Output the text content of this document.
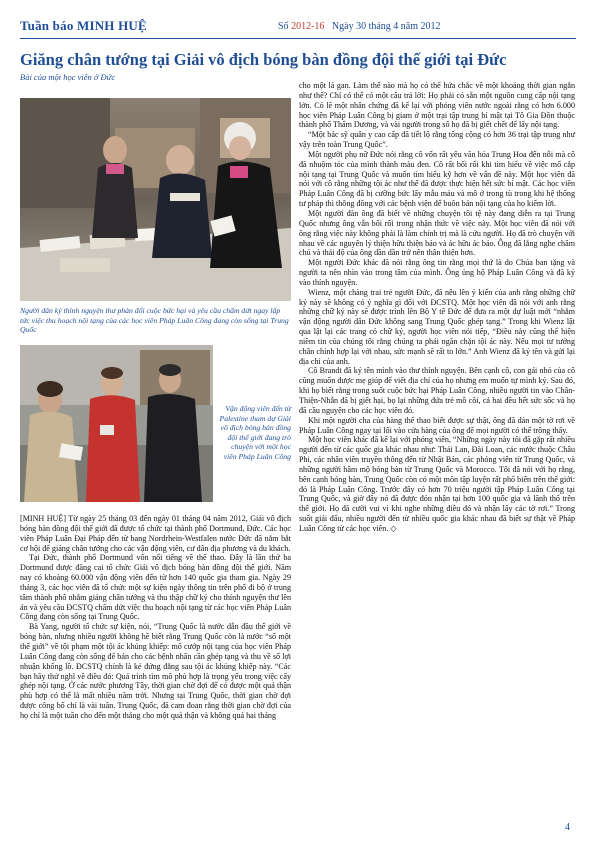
Tuần báo MINH HUỆ	Số 2012-16 Ngày 30 tháng 4 năm 2012
Giăng chân tướng tại Giải vô địch bóng bàn đồng đội thế giới tại Đức
Bài của một học viên ở Đức
Người dân ký thỉnh nguyện thư phản đối cuộc bức hại và yêu cầu chấm dứt ngay lập tức việc thu hoạch nội tạng của các học viên Pháp Luân Công đang còn sống tại Trung Quốc
Vận động viên đến từ Palestine tham dự Giải vô địch bóng bàn đồng đội thế giới đang trò chuyện với một học viên Pháp Luân Công

[MINH HUỆ] Từ ngày 25 tháng 03 đến ngày 01 tháng 04 năm 2012, Giải vô địch bóng bàn đồng đội thế giới đã được tổ chức tại thành phố Dortmund, Đức. Các học viên Pháp Luân Đại Pháp đến từ bang Nordrhein-Westfalen nước Đức đã nắm bắt cơ hội để giảng chân tướng cho các vận động viên, cư dân địa phương và du khách.

Tại Đức, thành phố Dortmund vốn nổi tiếng về thể thao. Đây là lần thứ ba Dortmund được đăng cai tổ chức Giải vô địch bóng bàn đồng đội thế giới. Năm nay có khoảng 60.000 vận động viên đến từ hơn 140 quốc gia tham gia. Ngày 29 tháng 3, các học viên đã tổ chức một sự kiện ngày thông tin trên phố đi bộ ở trung tâm thành phố nhằm giảng chân tướng và thu thập chữ ký cho thỉnh nguyện thư lên án và yêu cầu ĐCSTQ chấm dứt việc thu hoạch nội tạng từ các học viên Pháp Luân Công đang còn sống tại Trung Quốc.

Bà Yang, người tổ chức sự kiện, nói, “Trung Quốc là nước dẫn đầu thế giới về bóng bàn, nhưng nhiều người không hề biết rằng Trung Quốc còn là nước “số một thế giới” về tội phạm một tội ác khủng khiếp: mổ cướp nội tạng của học viên Pháp Luân Công đang còn sống để bán cho các bệnh nhân cần ghép tạng và thu về số lợi nhuận khổng lồ. ĐCSTQ chính là kẻ đứng đằng sau tội ác khủng khiếp này. “Các bạn hãy thử nghĩ về điều đó: Quá trình tìm mô phù hợp là trọng yếu trong việc cấy ghép nội tạng. Ở các nước phương Tây, thời gian chờ đợi để có được một quả thận phù hợp có thể là mất nhiều năm trời. Nhưng tại Trung Quốc, thời gian chờ đợi được công bố chỉ là vài tuần. Trung Quốc, đã cam đoan rằng thời gian chờ đợi của họ chỉ là một tuần cho đến một tháng cho một quả thận và không quá hai tháng

cho một lá gan. Làm thế nào mà họ có thể hứa chắc về một khoảng thời gian ngắn như thế? Chỉ có thể có một câu trả lời: Họ phải có sẵn một nguồn cung cấp nội tạng lớn. Có lẽ một nhân chứng đã kể lại với phóng viên nước ngoài rằng có hơn 6.000 học viên Pháp Luân Công bị giam ở một trại tập trung bí mật tại Tô Gia Đồn thuộc thành phố Thẩm Dương, và vài người trong số họ đã bị giết chết để lấy nội tạng.

“Một bác sỹ quân y cao cấp đã tiết lộ rằng tổng cộng có hơn 36 trại tập trung như vậy trên toàn Trung Quốc”.

Một người phụ nữ Đức nói rằng cô vốn rất yêu văn hóa Trung Hoa đến nỗi mà cô đã nhuộm tóc của mình thành màu đen. Cô rất bối rối khi tìm hiểu về việc mổ cắp nội tạng tại Trung Quốc và muốn tìm hiểu kỹ hơn về vấn đề này. Một học viên đã nói với cô rằng những tội ác như thế đã được thực hiện hết sức bí mật. Các học viên Pháp Luân Công đã bị cưỡng bức lấy mẫu máu và mô ở trong tù trong khi hệ thống tư pháp thì thông đồng với các bệnh viện để buôn bán nội tạng của họ kiếm lời.

Một người đàn ông đã biết về những chuyện tồi tệ này đang diễn ra tại Trung Quốc nhưng ông vẫn bối rối trong nhận thức về việc này. Một học viên đã nói với ông rằng việc này không phải là làm chính trị mà là cứu người. Họ đã trò chuyện với nhau về các nguyên lý thiện hữu thiện báo và ác hữu ác báo. Ông đã lắng nghe chăm chú và thái độ của ông dần dần trở nên thân thiện hơn.

Một người Đức khác đã nói rằng ông tin rằng mọi thứ là do Chúa ban tặng và người ta nên nhìn vào trong tâm của mình. Ông ủng hộ Pháp Luân Công và đã ký vào thỉnh nguyện.

Wienz, một chàng trai trẻ người Đức, đã nêu lên ý kiến của anh rằng những chữ ký này sẽ không có ý nghĩa gì đối với ĐCSTQ. Một học viên đã nói với anh rằng những chữ ký này sẽ được trình lên Bộ Y tế Đức để đưa ra một dự luật mới “nhằm vận động người dân Đức không sang Trung Quốc ghép tạng.” Trong khi Wienz lật qua lật lại các trang có chữ ký, người học viên nói tiếp, “Điều này cũng thể hiện niềm tin của chúng tôi rằng chúng ta phải ngăn chặn tội ác này. Nếu mọi tư tưởng chân chính hợp lại với nhau, sức mạnh sẽ rất to lớn.” Anh Wienz đã ký tên và gửi lại địa chỉ của anh.

Cô Brandt đã ký tên mình vào thư thỉnh nguyện. Bên cạnh cô, con gái nhỏ của cô cũng muốn được mẹ giúp để viết địa chỉ của họ nhưng em muốn tự mình ký. Sau đó, khi họ biết rằng trong suốt cuộc bức hại Pháp Luân Công, nhiều người tin vào Chân-Thiện-Nhẫn đã bị giết hại, bọ lại những đứa trẻ mồ côi, cả hai đều hết sức sốc và họ đã cầu nguyện cho các học viên đó.

Khi một người cha của hàng thế thao biết được sự thật, ông đã dán một tờ rơi về Pháp Luân Công ngay tại lối vào cửa hàng của ông để mọi người có thể trông thấy.

Một học viên khác đã kể lại với phóng viên, “Những ngày này tôi đã gặp rất nhiều người đến từ các quốc gia khác nhau như: Thái Lan, Đài Loan, các nước thuộc Châu Phi, các nhân viên truyền thông đến từ Nhật Bản, các phóng viên từ Trung Quốc, và những người hâm mộ bóng bàn từ Trung Quốc và Morocco. Tôi đã nói với họ rằng, bên cạnh bóng bàn, Trung Quốc còn có một môn tập luyện rất phổ biến trên thế giới: đó là Pháp Luân Công. Trước đây có hơn 70 triệu người tập Pháp Luân Công tại Trung Quốc, và giờ đây nó đã được đón nhận tại hơn 100 quốc gia và lãnh thổ trên thế giới. Họ đã cười vui vì khi nghe những điều đó và nhận lấy các tờ rơi.” Trong suốt giải đấu, nhiều người đến từ nhiều quốc gia khác nhau đã biết sự thật về Pháp Luân Công từ các học viên. ◇

4
